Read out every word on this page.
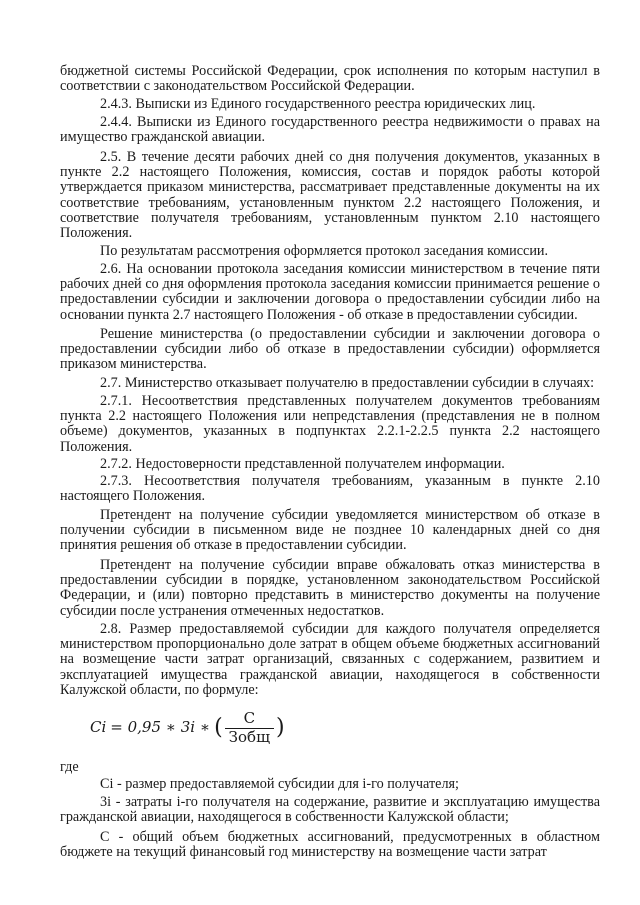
бюджетной системы Российской Федерации, срок исполнения по которым наступил в соответствии с законодательством Российской Федерации.

2.4.3. Выписки из Единого государственного реестра юридических лиц.

2.4.4. Выписки из Единого государственного реестра недвижимости о правах на имущество гражданской авиации.

2.5. В течение десяти рабочих дней со дня получения документов, указанных в пункте 2.2 настоящего Положения, комиссия, состав и порядок работы которой утверждается приказом министерства, рассматривает представленные документы на их соответствие требованиям, установленным пунктом 2.2 настоящего Положения, и соответствие получателя требованиям, установленным пунктом 2.10 настоящего Положения.

По результатам рассмотрения оформляется протокол заседания комиссии.

2.6. На основании протокола заседания комиссии министерством в течение пяти рабочих дней со дня оформления протокола заседания комиссии принимается решение о предоставлении субсидии и заключении договора о предоставлении субсидии либо на основании пункта 2.7 настоящего Положения - об отказе в предоставлении субсидии.

Решение министерства (о предоставлении субсидии и заключении договора о предоставлении субсидии либо об отказе в предоставлении субсидии) оформляется приказом министерства.

2.7. Министерство отказывает получателю в предоставлении субсидии в случаях:

2.7.1. Несоответствия представленных получателем документов требованиям пункта 2.2 настоящего Положения или непредставления (представления не в полном объеме) документов, указанных в подпунктах 2.2.1-2.2.5 пункта 2.2 настоящего Положения.

2.7.2. Недостоверности представленной получателем информации.

2.7.3. Несоответствия получателя требованиям, указанным в пункте 2.10 настоящего Положения.

Претендент на получение субсидии уведомляется министерством об отказе в получении субсидии в письменном виде не позднее 10 календарных дней со дня принятия решения об отказе в предоставлении субсидии.

Претендент на получение субсидии вправе обжаловать отказ министерства в предоставлении субсидии в порядке, установленном законодательством Российской Федерации, и (или) повторно представить в министерство документы на получение субсидии после устранения отмеченных недостатков.

2.8. Размер предоставляемой субсидии для каждого получателя определяется министерством пропорционально доле затрат в общем объеме бюджетных ассигнований на возмещение части затрат организаций, связанных с содержанием, развитием и эксплуатацией имущества гражданской авиации, находящегося в собственности Калужской области, по формуле:

Ci = 0,95 ∗ 3i ∗ ( $\frac{С}{\text{Зобщ}}$ )

где

Ci - размер предоставляемой субсидии для i-го получателя;

3i - затраты i-го получателя на содержание, развитие и эксплуатацию имущества гражданской авиации, находящегося в собственности Калужской области;

С - общий объем бюджетных ассигнований, предусмотренных в областном бюджете на текущий финансовый год министерству на возмещение части затрат
